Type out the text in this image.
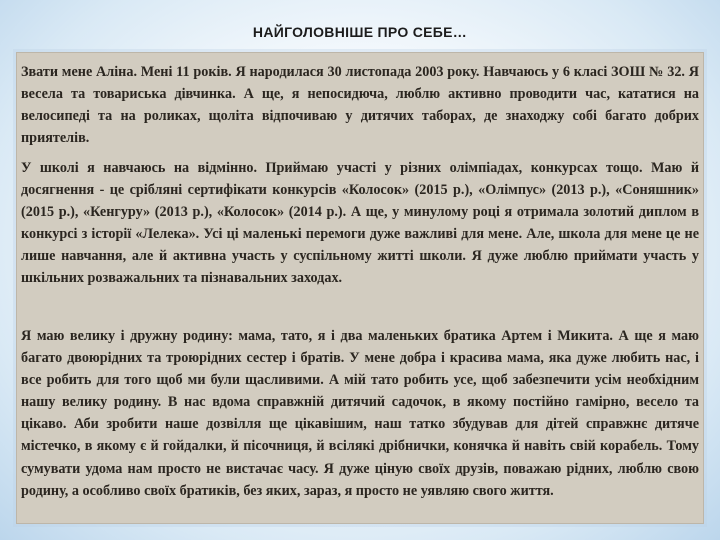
НАЙГОЛОВНІШЕ ПРО СЕБЕ…

Звати мене Аліна. Мені 11 років. Я народилася 30 листопада 2003 року. Навчаюсь у 6 класі ЗОШ № 32. Я весела та товариська дівчинка. А ще, я непосидюча, люблю активно проводити час, кататися на велосипеді та на роликах, щоліта відпочиваю у дитячих таборах, де знаходжу собі багато добрих приятелів.

У школі я навчаюсь на відмінно. Приймаю участі у різних олімпіадах, конкурсах тощо. Маю й досягнення - це срібляні сертифікати конкурсів «Колосок» (2015 р.), «Олімпус» (2013 р.), «Соняшник» (2015 р.), «Кенгуру» (2013 р.), «Колосок» (2014 р.). А ще, у минулому році я отримала золотий диплом в конкурсі з історії «Лелека». Усі ці маленькі перемоги дуже важливі для мене. Але, школа для мене це не лише навчання, але й активна участь у суспільному житті школи. Я дуже люблю приймати участь у шкільних розважальних та пізнавальних заходах.

Я маю велику і дружну родину: мама, тато, я і два маленьких братика Артем і Микита. А ще я маю багато двоюрідних та троюрідних сестер і братів. У мене добра і красива мама, яка дуже любить нас, і все робить для того щоб ми були щасливими. А мій тато робить усе, щоб забезпечити усім необхідним нашу велику родину. В нас вдома справжній дитячий садочок, в якому постійно гамірно, весело та цікаво. Аби зробити наше дозвілля ще цікавішим, наш татко збудував для дітей справжнє дитяче містечко, в якому є й гойдалки, й пісочниця, й всілякі дрібнички, конячка й навіть свій корабель. Тому сумувати удома нам просто не вистачає часу. Я дуже ціную своїх друзів, поважаю рідних, люблю свою родину, а особливо своїх братиків, без яких, зараз, я просто не уявляю свого життя.
